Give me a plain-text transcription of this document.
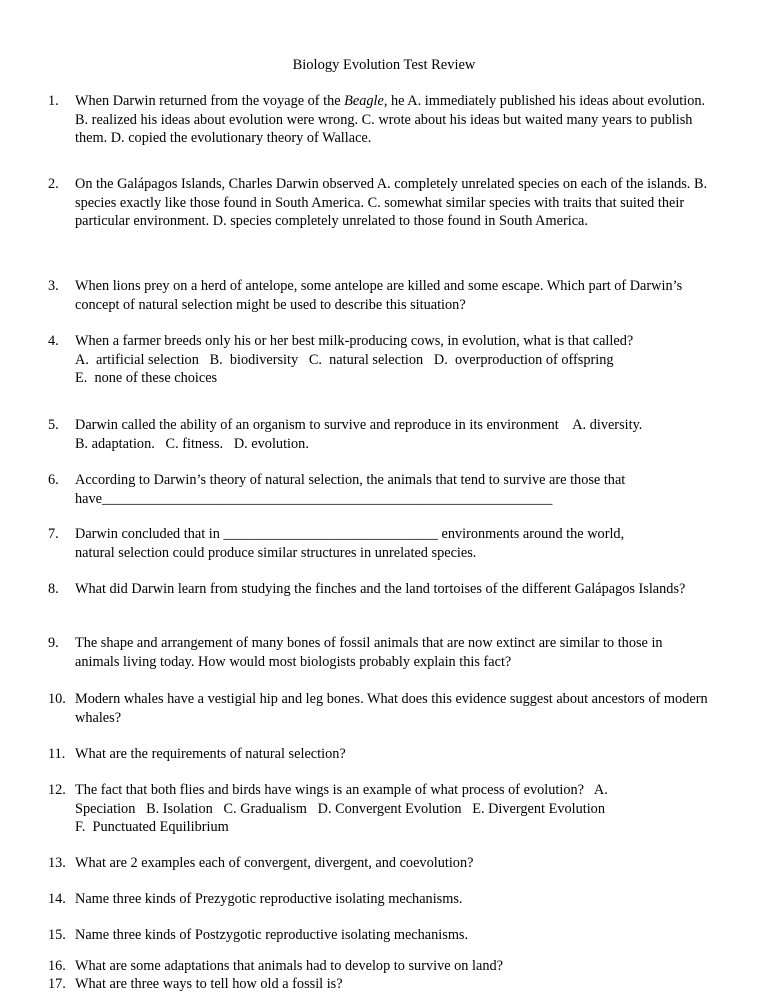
Biology Evolution Test Review
1. When Darwin returned from the voyage of the Beagle, he A. immediately published his ideas about evolution. B. realized his ideas about evolution were wrong. C. wrote about his ideas but waited many years to publish them. D. copied the evolutionary theory of Wallace.
2. On the Galápagos Islands, Charles Darwin observed A. completely unrelated species on each of the islands. B. species exactly like those found in South America. C. somewhat similar species with traits that suited their particular environment. D. species completely unrelated to those found in South America.
3. When lions prey on a herd of antelope, some antelope are killed and some escape. Which part of Darwin’s concept of natural selection might be used to describe this situation?
4. When a farmer breeds only his or her best milk-producing cows, in evolution, what is that called?
A.  artificial selection   B.  biodiversity   C.  natural selection   D.  overproduction of offspring
E.  none of these choices
5. Darwin called the ability of an organism to survive and reproduce in its environment    A. diversity.
B. adaptation.   C. fitness.   D. evolution.
6. According to Darwin’s theory of natural selection, the animals that tend to survive are those that
have_______________________________________________________________
7. Darwin concluded that in ______________________________ environments around the world,
natural selection could produce similar structures in unrelated species.
8. What did Darwin learn from studying the finches and the land tortoises of the different Galápagos Islands?
9. The shape and arrangement of many bones of fossil animals that are now extinct are similar to those in animals living today. How would most biologists probably explain this fact?
10. Modern whales have a vestigial hip and leg bones. What does this evidence suggest about ancestors of modern whales?
11. What are the requirements of natural selection?
12. The fact that both flies and birds have wings is an example of what process of evolution?   A.
Speciation   B. Isolation   C. Gradualism   D. Convergent Evolution   E. Divergent Evolution
F.  Punctuated Equilibrium
13. What are 2 examples each of convergent, divergent, and coevolution?
14. Name three kinds of Prezygotic reproductive isolating mechanisms.
15. Name three kinds of Postzygotic reproductive isolating mechanisms.
16. What are some adaptations that animals had to develop to survive on land?
17. What are three ways to tell how old a fossil is?
